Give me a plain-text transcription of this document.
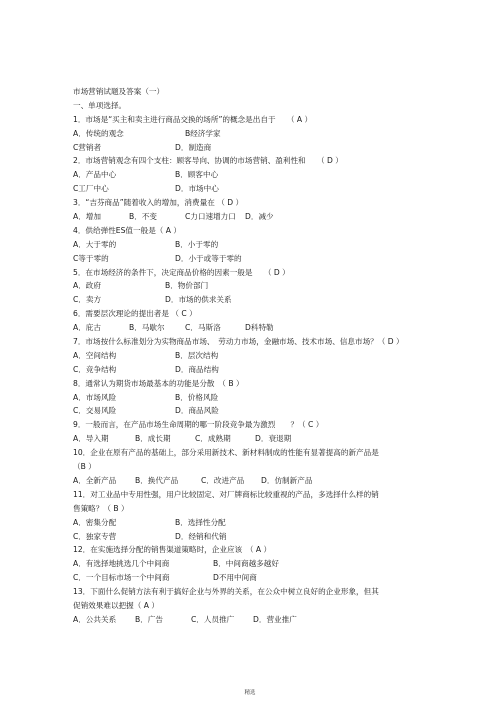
市场营销试题及答案（一）
一、单项选择。
1．市场是“买主和卖主进行商品交换的场所”的概念是出自于　　（ A ）
A．传统的观念	B经济学家
C营销者	D．制造商
2．市场营销观念有四个支柱：顾客导向、协调的市场营销、盈利性和　　（ D ）
A．产品中心	B．顾客中心
C工厂中心	D．市场中心
3．“吉芬商品”随着收入的增加，消费量在 （ D ）
A．增加	B．不变	C力口速增力口 D．减少
4．供给弹性ES值一般是（ A ）
A．大于零的	B．小于零的
C等于零的	D．小于或等于零的
5．在市场经济的条件下，决定商品价格的因素一般是　　（ D ）
A．政府	B．物价部门
C．卖方	D．市场的供求关系
6．需要层次理论的提出者是 （ C ）
A．庇古	B．马歇尔	C．马斯洛	D科特勒
7．市场按什么标准划分为实物商品市场、　劳动力市场，金融市场、技术市场、信息市场？（ D ）
A．空间结构	B．层次结构
C．竞争结构	D．商品结构
8．通常认为期货市场最基本的功能是分散　（ B ）
A．市场风险	B．价格风险
C．交易风险	D．商品风险
9．一般而言，在产品市场生命周期的哪一阶段竞争最为激烈　　？（ C ）
A．导入期	B．成长期	C．成熟期	D．衰退期
10．企业在原有产品的基础上，部分采用新技术、新材料制成的性能有显著提高的新产品是
（B ）
A．全新产品 B．换代产品	C．改进产品 D．仿制新产品
11．对工业品中专用性强，用户比较固定、对厂牌商标比较重视的产品，多选择什么样的销
售策略？（ B ）
A．密集分配	B．选择性分配
C．独家专营	D．经销和代销
12．在实施选择分配的销售渠道策略时，企业应该　（ A ）
A．有选择地挑选几个中间商	B．中间商越多越好
C．一个目标市场一个中间商	D不用中间商
13．下面什么促销方法有利于搞好企业与外界的关系，在公众中树立良好的企业形象，但其
促销效果难以把握（ A ）
A．公共关系 B．广告	C．人员推广 D．营业推广
精选
